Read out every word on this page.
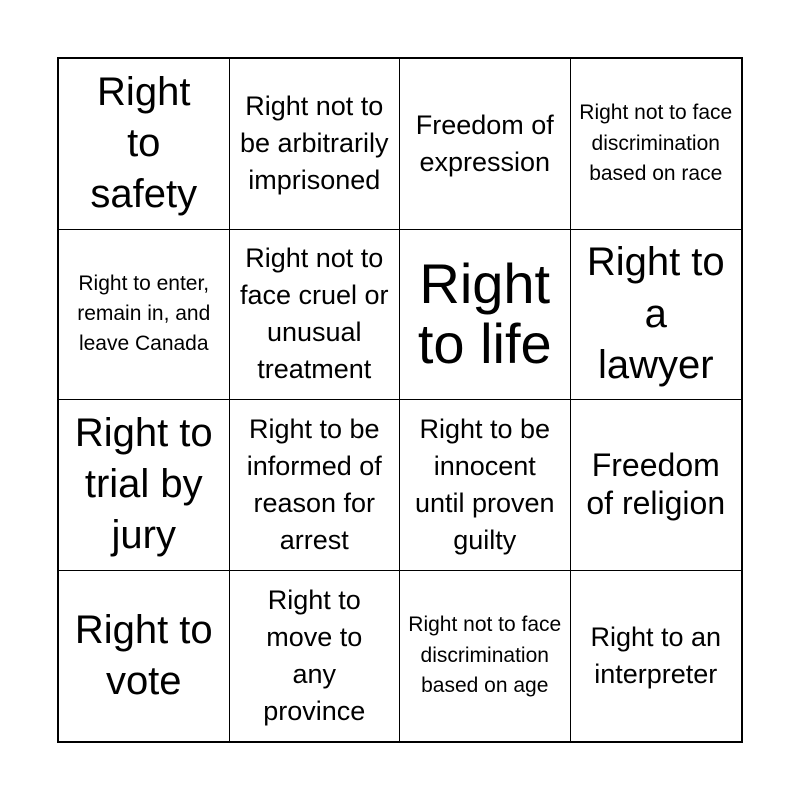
Right to safety
Right not to be arbitrarily imprisoned
Freedom of expression
Right not to face discrimination based on race
Right to enter, remain in, and leave Canada
Right not to face cruel or unusual treatment
Right to life
Right to a lawyer
Right to trial by jury
Right to be informed of reason for arrest
Right to be innocent until proven guilty
Freedom of religion
Right to vote
Right to move to any province
Right not to face discrimination based on age
Right to an interpreter
